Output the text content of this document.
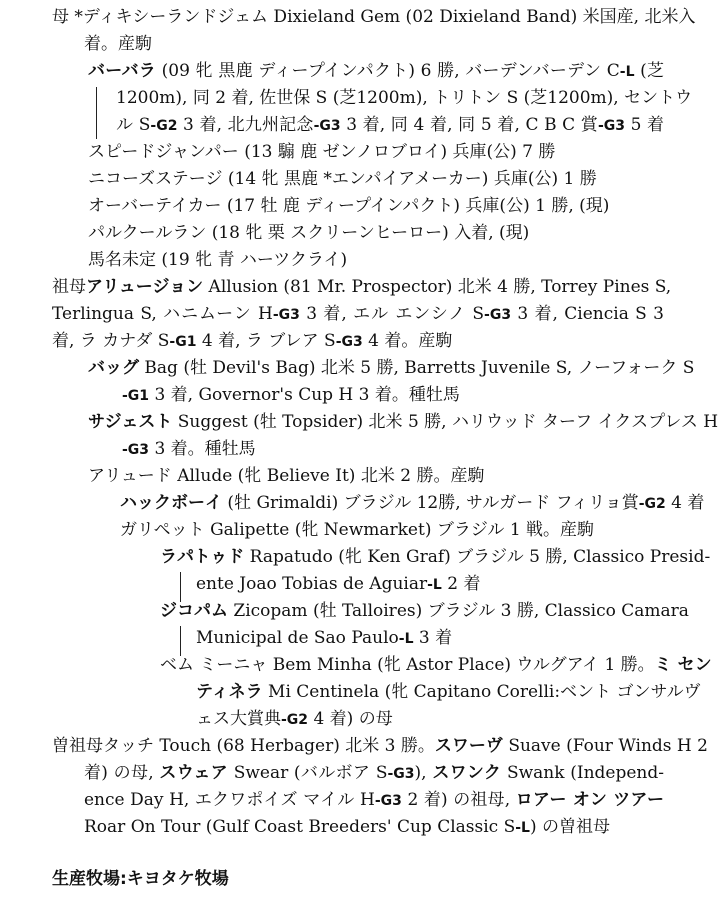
母 *ディキシーランドジェム Dixieland Gem (02 Dixieland Band) 米国産, 北米入
着。産駒
バーバラ (09 牝 黒鹿 ディープインパクト) 6 勝, バーデンバーデン C-L (芝
1200m), 同 2 着, 佐世保 S (芝1200m), トリトン S (芝1200m), セントウ
ル S-G2 3 着, 北九州記念-G3 3 着, 同 4 着, 同 5 着, C B C 賞-G3 5 着
スピードジャンパー (13 騸 鹿 ゼンノロブロイ) 兵庫(公) 7 勝
ニコーズステージ (14 牝 黒鹿 *エンパイアメーカー) 兵庫(公) 1 勝
オーバーテイカー (17 牡 鹿 ディープインパクト) 兵庫(公) 1 勝, (現)
パルクールラン (18 牝 栗 スクリーンヒーロー) 入着, (現)
馬名未定 (19 牝 青 ハーツクライ)
祖母アリュージョン Allusion (81 Mr. Prospector) 北米 4 勝, Torrey Pines S,
Terlingua S, ハニムーン H-G3 3 着, エル エンシノ S-G3 3 着, Ciencia S 3
着, ラ カナダ S-G1 4 着, ラ ブレア S-G3 4 着。産駒
バッグ Bag (牡 Devil's Bag) 北米 5 勝, Barretts Juvenile S, ノーフォーク S
-G1 3 着, Governor's Cup H 3 着。種牡馬
サジェスト Suggest (牡 Topsider) 北米 5 勝, ハリウッド ターフ イクスプレス H
-G3 3 着。種牡馬
アリュード Allude (牝 Believe It) 北米 2 勝。産駒
ハックボーイ (牡 Grimaldi) ブラジル 12勝, サルガード フィリョ賞-G2 4 着
ガリペット Galipette (牝 Newmarket) ブラジル 1 戦。産駒
ラパトゥド Rapatudo (牝 Ken Graf) ブラジル 5 勝, Classico Presid-
ente Joao Tobias de Aguiar-L 2 着
ジコパム Zicopam (牡 Talloires) ブラジル 3 勝, Classico Camara
Municipal de Sao Paulo-L 3 着
ベム ミーニャ Bem Minha (牝 Astor Place) ウルグアイ 1 勝。ミ セン
ティネラ Mi Centinela (牝 Capitano Corelli:ベント ゴンサルヴ
ェス大賞典-G2 4 着) の母
曽祖母タッチ Touch (68 Herbager) 北米 3 勝。スワーヴ Suave (Four Winds H 2
着) の母, スウェア Swear (バルボア S-G3), スワンク Swank (Independ-
ence Day H, エクワポイズ マイル H-G3 2 着) の祖母, ロアー オン ツアー
Roar On Tour (Gulf Coast Breeders' Cup Classic S-L) の曽祖母
生産牧場:キヨタケ牧場
